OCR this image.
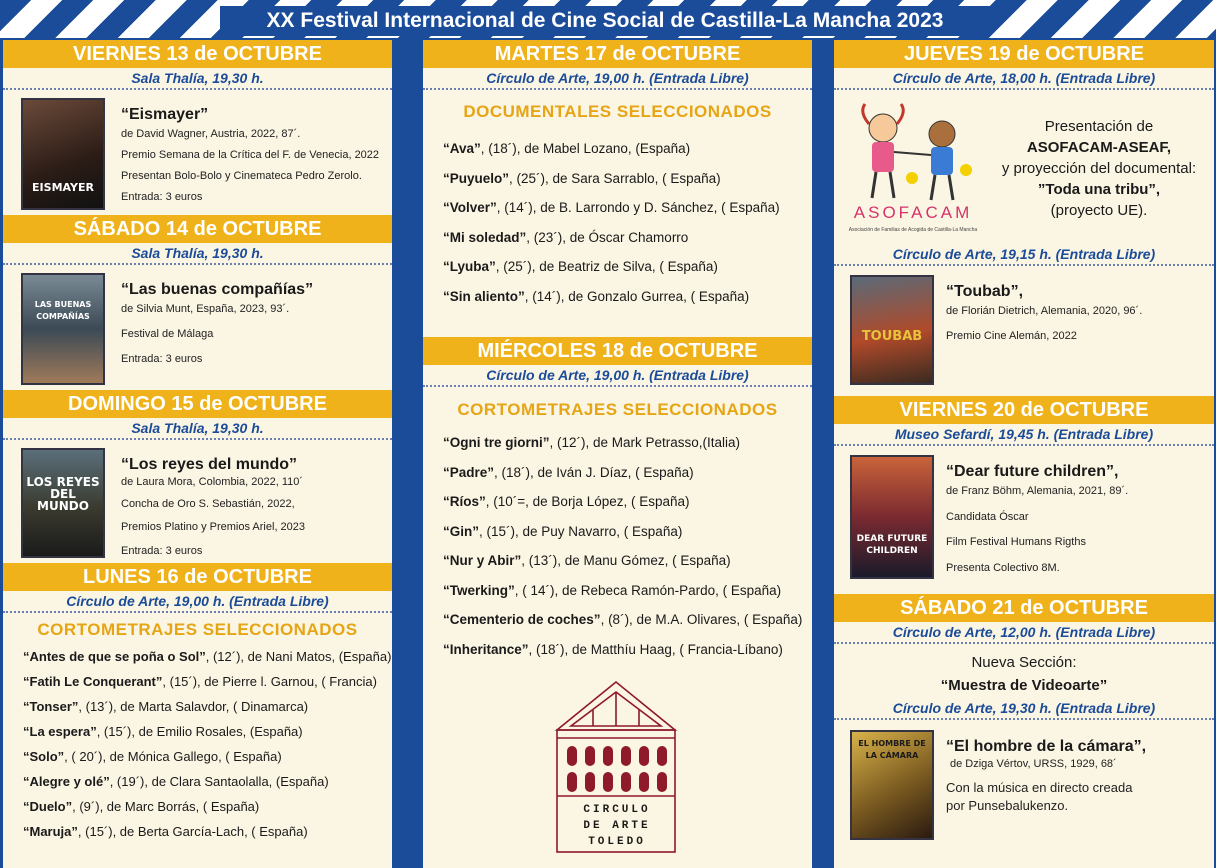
XX Festival Internacional de Cine Social de Castilla-La Mancha 2023
VIERNES 13 de OCTUBRE
Sala Thalía, 19,30 h.
EISMAYER
“Eismayer”
de David Wagner, Austria, 2022, 87´.
Premio Semana de la Crítica del F. de Venecia, 2022
Presentan Bolo-Bolo y Cinemateca Pedro Zerolo.
Entrada: 3 euros
SÁBADO 14 de OCTUBRE
Sala Thalía, 19,30 h.
LAS BUENAS COMPAÑÍAS
“Las buenas compañías”
de Silvia Munt, España, 2023, 93´.
Festival de Málaga
Entrada: 3 euros
DOMINGO 15 de OCTUBRE
Sala Thalía, 19,30 h.
LOS REYES DEL MUNDO
“Los reyes del mundo”
de Laura Mora, Colombia, 2022, 110´
Concha de Oro S. Sebastián, 2022,
Premios Platino y Premios Ariel, 2023
Entrada: 3 euros
LUNES 16 de OCTUBRE
Círculo de Arte, 19,00 h. (Entrada Libre)
CORTOMETRAJES SELECCIONADOS
“Antes de que se poña o Sol”, (12´), de Nani Matos, (España)
“Fatih Le Conquerant”, (15´), de Pierre l. Garnou, ( Francia)
“Tonser”, (13´), de Marta Salavdor, ( Dinamarca)
“La espera”, (15´), de Emilio Rosales, (España)
“Solo”, ( 20´), de Mónica Gallego, ( España)
“Alegre y olé”, (19´), de Clara Santaolalla, (España)
“Duelo”, (9´), de Marc Borrás, ( España)
“Maruja”, (15´), de Berta García-Lach, ( España)
MARTES 17 de OCTUBRE
Círculo de Arte, 19,00 h. (Entrada Libre)
DOCUMENTALES SELECCIONADOS
“Ava”, (18´), de Mabel Lozano, (España)
“Puyuelo”, (25´), de Sara Sarrablo, ( España)
“Volver”, (14´), de B. Larrondo y D. Sánchez, ( España)
“Mi soledad”, (23´), de Óscar Chamorro
“Lyuba”, (25´), de Beatriz de Silva, ( España)
“Sin aliento”, (14´), de Gonzalo Gurrea, ( España)
MIÉRCOLES 18 de OCTUBRE
Círculo de Arte, 19,00 h. (Entrada Libre)
CORTOMETRAJES SELECCIONADOS
“Ogni tre giorni”, (12´), de Mark Petrasso,(Italia)
“Padre”, (18´), de Iván J. Díaz, ( España)
“Ríos”, (10´=, de Borja López, ( España)
“Gin”, (15´), de Puy Navarro, ( España)
“Nur y Abir”, (13´), de Manu Gómez, ( España)
“Twerking”, ( 14´), de Rebeca Ramón-Pardo, ( España)
“Cementerio de coches”, (8´), de M.A. Olivares, ( España)
“Inheritance”, (18´), de Matthíu Haag, ( Francia-Líbano)
CIRCULO
DE ARTE
TOLEDO
JUEVES 19 de OCTUBRE
Círculo de Arte, 18,00 h. (Entrada Libre)
ASOFACAM
Asociación de Familias de Acogida de Castilla-La Mancha
Presentación de
ASOFACAM-ASEAF,
y proyección del documental:
”Toda una tribu”,
(proyecto UE).
Círculo de Arte, 19,15 h. (Entrada Libre)
TOUBAB
“Toubab”,
de Florián Dietrich, Alemania, 2020, 96´.
Premio Cine Alemán, 2022
VIERNES 20 de OCTUBRE
Museo Sefardí, 19,45 h. (Entrada Libre)
DEAR FUTURE CHILDREN
“Dear future children”,
de Franz Böhm, Alemania, 2021, 89´.
Candidata Óscar
Film Festival Humans Rigths
Presenta Colectivo 8M.
SÁBADO 21 de OCTUBRE
Círculo de Arte, 12,00 h. (Entrada Libre)
Nueva Sección:
“Muestra de Videoarte”
Círculo de Arte, 19,30 h. (Entrada Libre)
EL HOMBRE DE LA CÁMARA
“El hombre de la cámara”,
de Dziga Vértov, URSS, 1929, 68´
Con la música en directo creada
por Punsebalukenzo.
